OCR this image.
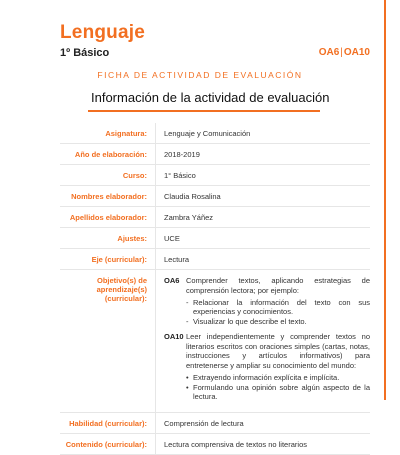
Lenguaje
1º Básico	OA6|OA10
FICHA DE ACTIVIDAD DE EVALUACIÓN
Información de la actividad de evaluación
Asignatura:	Lenguaje y Comunicación
Año de elaboración:	2018-2019
Curso:	1° Básico
Nombres elaborador:	Claudia Rosalina
Apellidos elaborador:	Zambra Yáñez
Ajustes:	UCE
Eje (curricular):	Lectura
Objetivo(s) de aprendizaje(s) (curricular):
OA6 Comprender textos, aplicando estrategias de comprensión lectora; por ejemplo:
- Relacionar la información del texto con sus experiencias y conocimientos.
- Visualizar lo que describe el texto.
OA10 Leer independientemente y comprender textos no literarios escritos con oraciones simples (cartas, notas, instrucciones y artículos informativos) para entretenerse y ampliar su conocimiento del mundo:
• Extrayendo información explícita e implícita.
• Formulando una opinión sobre algún aspecto de la lectura.
Habilidad (curricular):	Comprensión de lectura
Contenido (curricular):	Lectura comprensiva de textos no literarios
